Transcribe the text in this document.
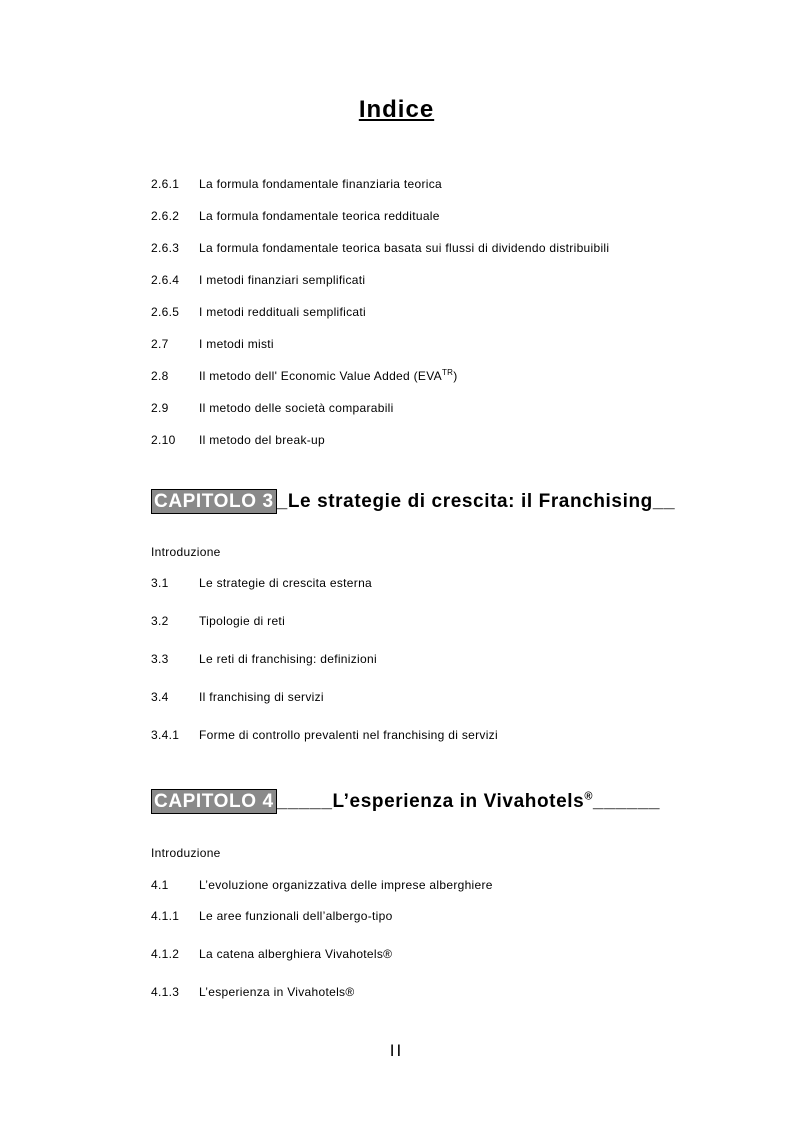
Indice
2.6.1 La formula fondamentale finanziaria teorica
2.6.2 La formula fondamentale teorica reddituale
2.6.3 La formula fondamentale teorica basata sui flussi di dividendo distribuibili
2.6.4 I metodi finanziari semplificati
2.6.5 I metodi reddituali semplificati
2.7	I metodi misti
2.8	Il metodo dell' Economic Value Added $(EVA^{TR})$
2.9	Il metodo delle società comparabili
2.10 Il metodo del break-up
CAPITOLO 3 _Le strategie di crescita: il Franchising__
Introduzione
3.1	Le strategie di crescita esterna
3.2	Tipologie di reti
3.3	Le reti di franchising: definizioni
3.4	Il franchising di servizi
3.4.1 Forme di controllo prevalenti nel franchising di servizi
CAPITOLO 4 _____L’esperienza in Vivahotels®______
Introduzione
4.1	L’evoluzione organizzativa delle imprese alberghiere
4.1.1 Le aree funzionali dell’albergo-tipo
4.1.2 La catena alberghiera Vivahotels®
4.1.3 L’esperienza in Vivahotels®
II
